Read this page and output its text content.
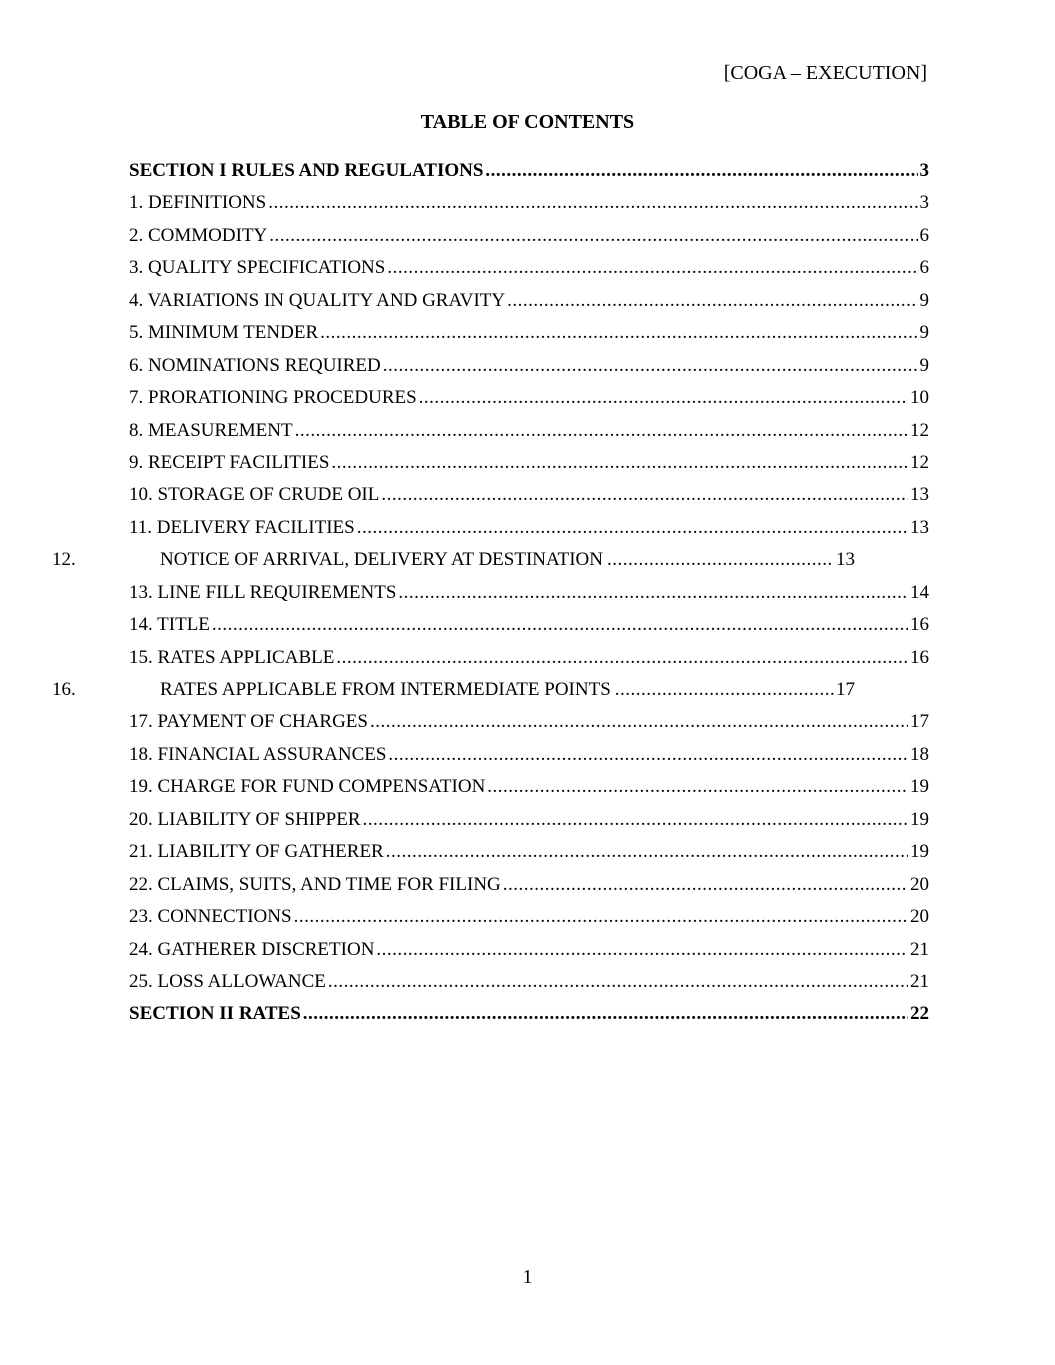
[COGA – EXECUTION]
TABLE OF CONTENTS
SECTION I RULES AND REGULATIONS .....	3
1. DEFINITIONS .....	3
2. COMMODITY .....	6
3. QUALITY SPECIFICATIONS .....	6
4. VARIATIONS IN QUALITY AND GRAVITY .....	9
5. MINIMUM TENDER .....	9
6. NOMINATIONS REQUIRED .....	9
7. PRORATIONING PROCEDURES .....	10
8. MEASUREMENT .....	12
9. RECEIPT FACILITIES .....	12
10. STORAGE OF CRUDE OIL .....	13
11. DELIVERY FACILITIES .....	13
12.	NOTICE OF ARRIVAL, DELIVERY AT DESTINATION .....	13
13. LINE FILL REQUIREMENTS .....	14
14. TITLE .....	16
15. RATES APPLICABLE .....	16
16.	RATES APPLICABLE FROM INTERMEDIATE POINTS .....	17
17. PAYMENT OF CHARGES .....	17
18. FINANCIAL ASSURANCES .....	18
19. CHARGE FOR FUND COMPENSATION .....	19
20. LIABILITY OF SHIPPER .....	19
21. LIABILITY OF GATHERER .....	19
22. CLAIMS, SUITS, AND TIME FOR FILING .....	20
23. CONNECTIONS .....	20
24. GATHERER DISCRETION .....	21
25. LOSS ALLOWANCE .....	21
SECTION II RATES .....	22
1
